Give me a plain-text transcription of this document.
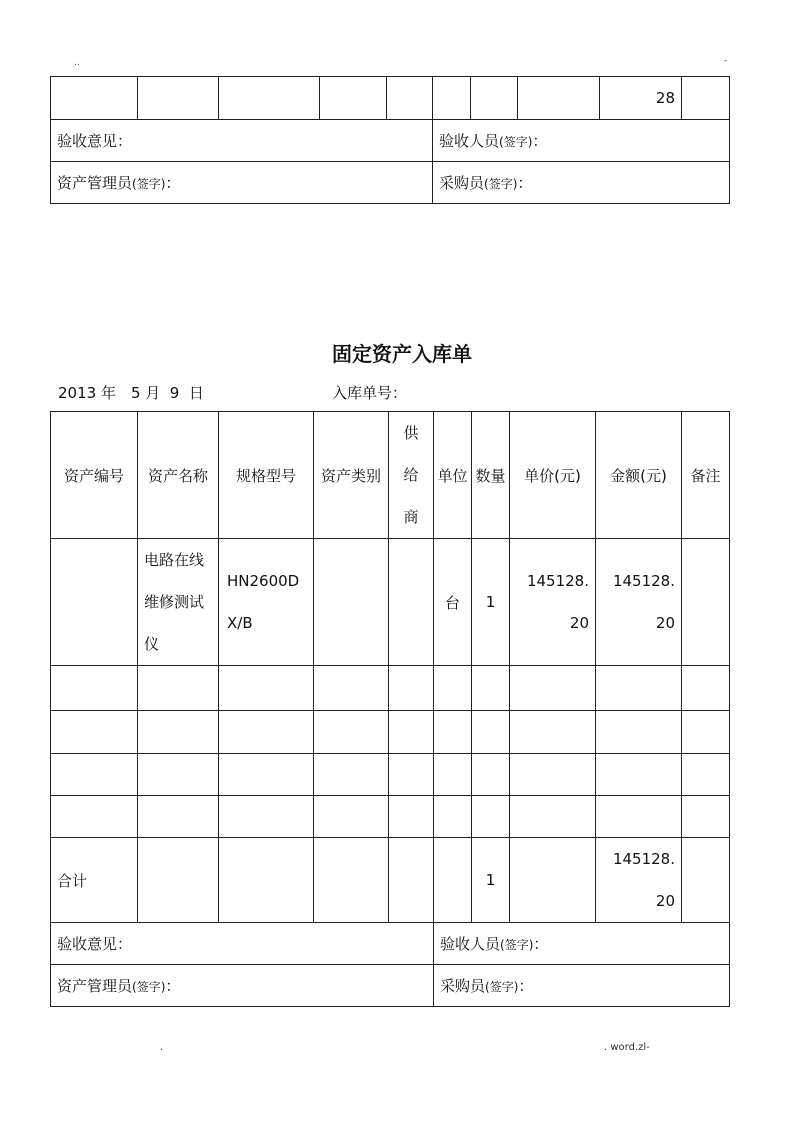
..	-
								28	
验收意见：					验收人员(签字)：				
资产管理员(签字)：					采购员(签字)：				
固定资产入库单
2013 年　5 月  9  日	入库单号：
资产编号	资产名称	规格型号	资产类别	供给商	单位	数量	单价(元)	金额(元)	备注
	电路在线维修测试仪	HN2600DX/B			台	1	145128.20	145128.20	

合计						1		145128.20	
验收意见：					验收人员(签字)：				
资产管理员(签字)：					采购员(签字)：				
.	. word.zl-
